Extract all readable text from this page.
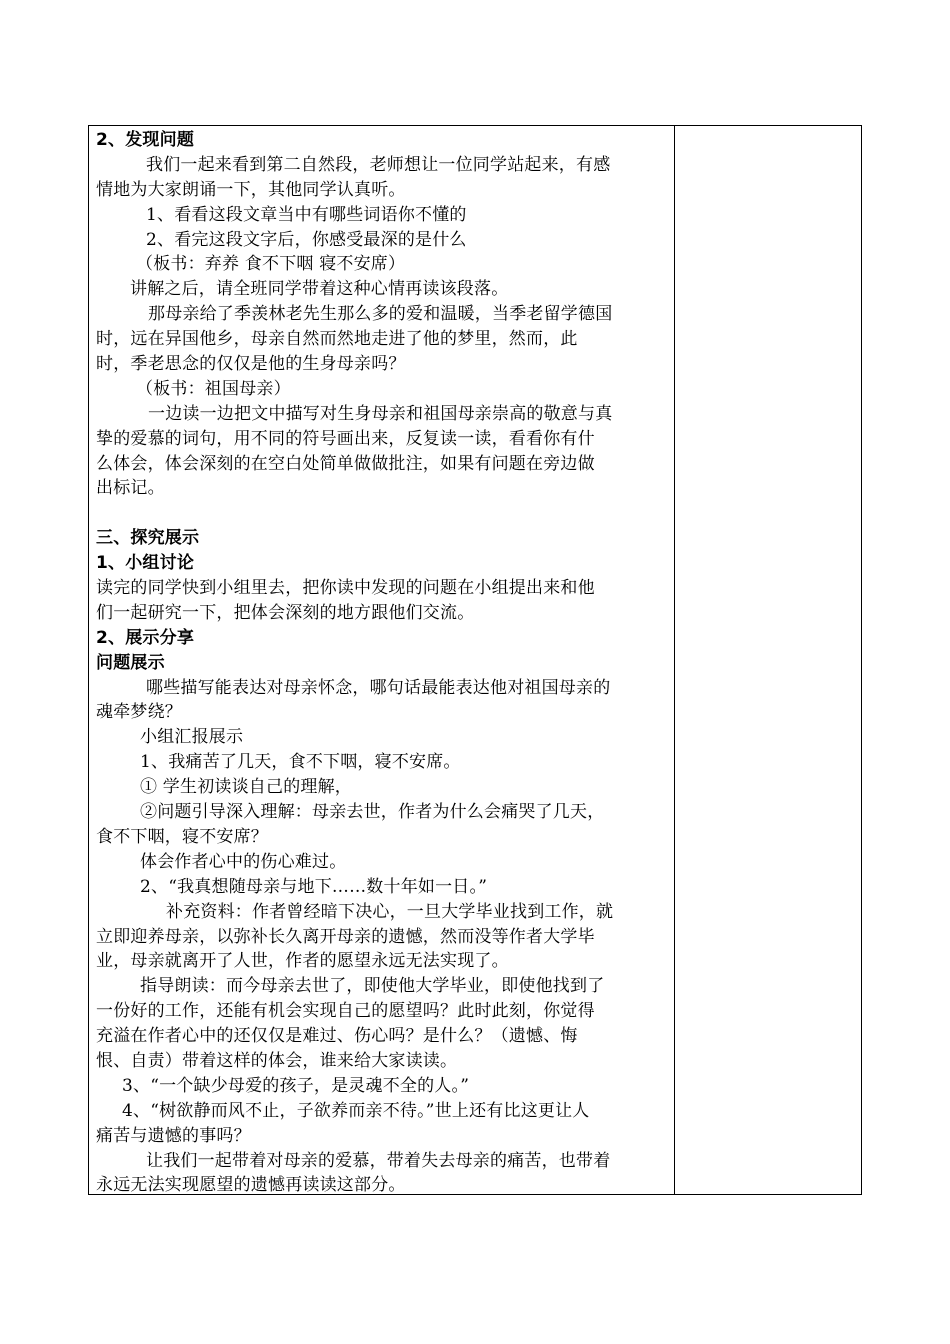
2、发现问题
我们一起来看到第二自然段，老师想让一位同学站起来，有感
情地为大家朗诵一下，其他同学认真听。
1、看看这段文章当中有哪些词语你不懂的
2、看完这段文字后，你感受最深的是什么
（板书：弃养 食不下咽 寝不安席）
讲解之后，请全班同学带着这种心情再读该段落。
那母亲给了季羡林老先生那么多的爱和温暖，当季老留学德国
时，远在异国他乡，母亲自然而然地走进了他的梦里，然而，此
时，季老思念的仅仅是他的生身母亲吗？
（板书：祖国母亲）
一边读一边把文中描写对生身母亲和祖国母亲崇高的敬意与真
挚的爱慕的词句，用不同的符号画出来，反复读一读，看看你有什
么体会，体会深刻的在空白处简单做做批注，如果有问题在旁边做
出标记。
三、探究展示
1、小组讨论
读完的同学快到小组里去，把你读中发现的问题在小组提出来和他
们一起研究一下，把体会深刻的地方跟他们交流。
2、展示分享
问题展示
哪些描写能表达对母亲怀念，哪句话最能表达他对祖国母亲的
魂牵梦绕？
小组汇报展示
1、我痛苦了几天，食不下咽，寝不安席。
① 学生初读谈自己的理解，
②问题引导深入理解：母亲去世，作者为什么会痛哭了几天，
食不下咽，寝不安席？
体会作者心中的伤心难过。
2、“我真想随母亲与地下……数十年如一日。”
补充资料：作者曾经暗下决心，一旦大学毕业找到工作，就
立即迎养母亲，以弥补长久离开母亲的遗憾，然而没等作者大学毕
业，母亲就离开了人世，作者的愿望永远无法实现了。
指导朗读：而今母亲去世了，即使他大学毕业，即使他找到了
一份好的工作，还能有机会实现自己的愿望吗？此时此刻，你觉得
充溢在作者心中的还仅仅是难过、伤心吗？是什么？（遗憾、悔
恨、自责）带着这样的体会，谁来给大家读读。
3、“一个缺少母爱的孩子，是灵魂不全的人。”
4、“树欲静而风不止，子欲养而亲不待。”世上还有比这更让人
痛苦与遗憾的事吗？
让我们一起带着对母亲的爱慕，带着失去母亲的痛苦，也带着
永远无法实现愿望的遗憾再读读这部分。
